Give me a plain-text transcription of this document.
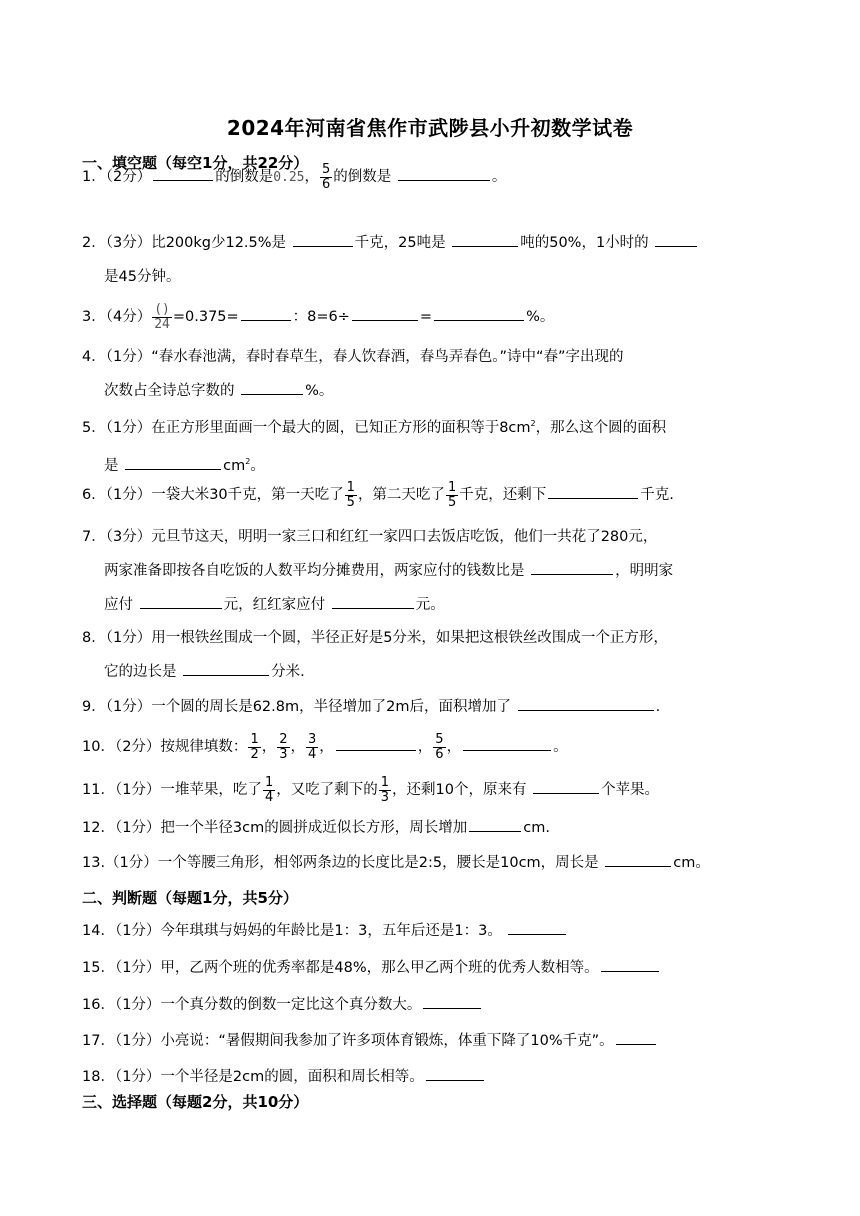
2024年河南省焦作市武陟县小升初数学试卷
一、填空题（每空1分，共22分）
1．（2分）	的倒数是0.25， $\frac{5}{6}$ 的倒数是	。
2．（3分）比200kg少12.5%是	千克，25吨是	吨的50%，1小时的
是45分钟。
3．（4分） $\frac{()}{24} =0.375=$	：8=6÷	=	%。
4．（1分）“春水春池满，春时春草生，春人饮春酒，春鸟弄春色。”诗中“春”字出现的
次数占全诗总字数的	%。
5．（1分）在正方形里面画一个最大的圆，已知正方形的面积等于$8cm^2$，那么这个圆的面积
是	$cm^2$。
6．（1分）一袋大米30千克，第一天吃了 $\frac{1}{5}$ ，第二天吃了 $\frac{1}{5}$ 千克，还剩下	千克.
7．（3分）元旦节这天，明明一家三口和红红一家四口去饭店吃饭，他们一共花了280元，
两家准备即按各自吃饭的人数平均分摊费用，两家应付的钱数比是	，明明家
应付	元，红红家应付	元。
8．（1分）用一根铁丝围成一个圆，半径正好是5分米，如果把这根铁丝改围成一个正方形，
它的边长是	分米.
9．（1分）一个圆的周长是62.8m，半径增加了2m后，面积增加了	.
10．（2分）按规律填数： $\frac{1}{2}$ ， $\frac{2}{3}$ ， $\frac{3}{4}$ ，	， $\frac{5}{6}$ ，	。
11．（1分）一堆苹果，吃了 $\frac{1}{4}$ ，又吃了剩下的 $\frac{1}{3}$ ，还剩10个，原来有	个苹果。
12．（1分）把一个半径3cm的圆拼成近似长方形，周长增加	cm.
13.（1分）一个等腰三角形，相邻两条边的长度比是2:5，腰长是10cm，周长是	cm。
二、判断题（每题1分，共5分）
14．（1分）今年琪琪与妈妈的年龄比是1：3，五年后还是1：3。
15．（1分）甲，乙两个班的优秀率都是48%，那么甲乙两个班的优秀人数相等。
16．（1分）一个真分数的倒数一定比这个真分数大。
17．（1分）小亮说：“暑假期间我参加了许多项体育锻炼，体重下降了10%千克”。
18．（1分）一个半径是2cm的圆，面积和周长相等。
三、选择题（每题2分，共10分）
